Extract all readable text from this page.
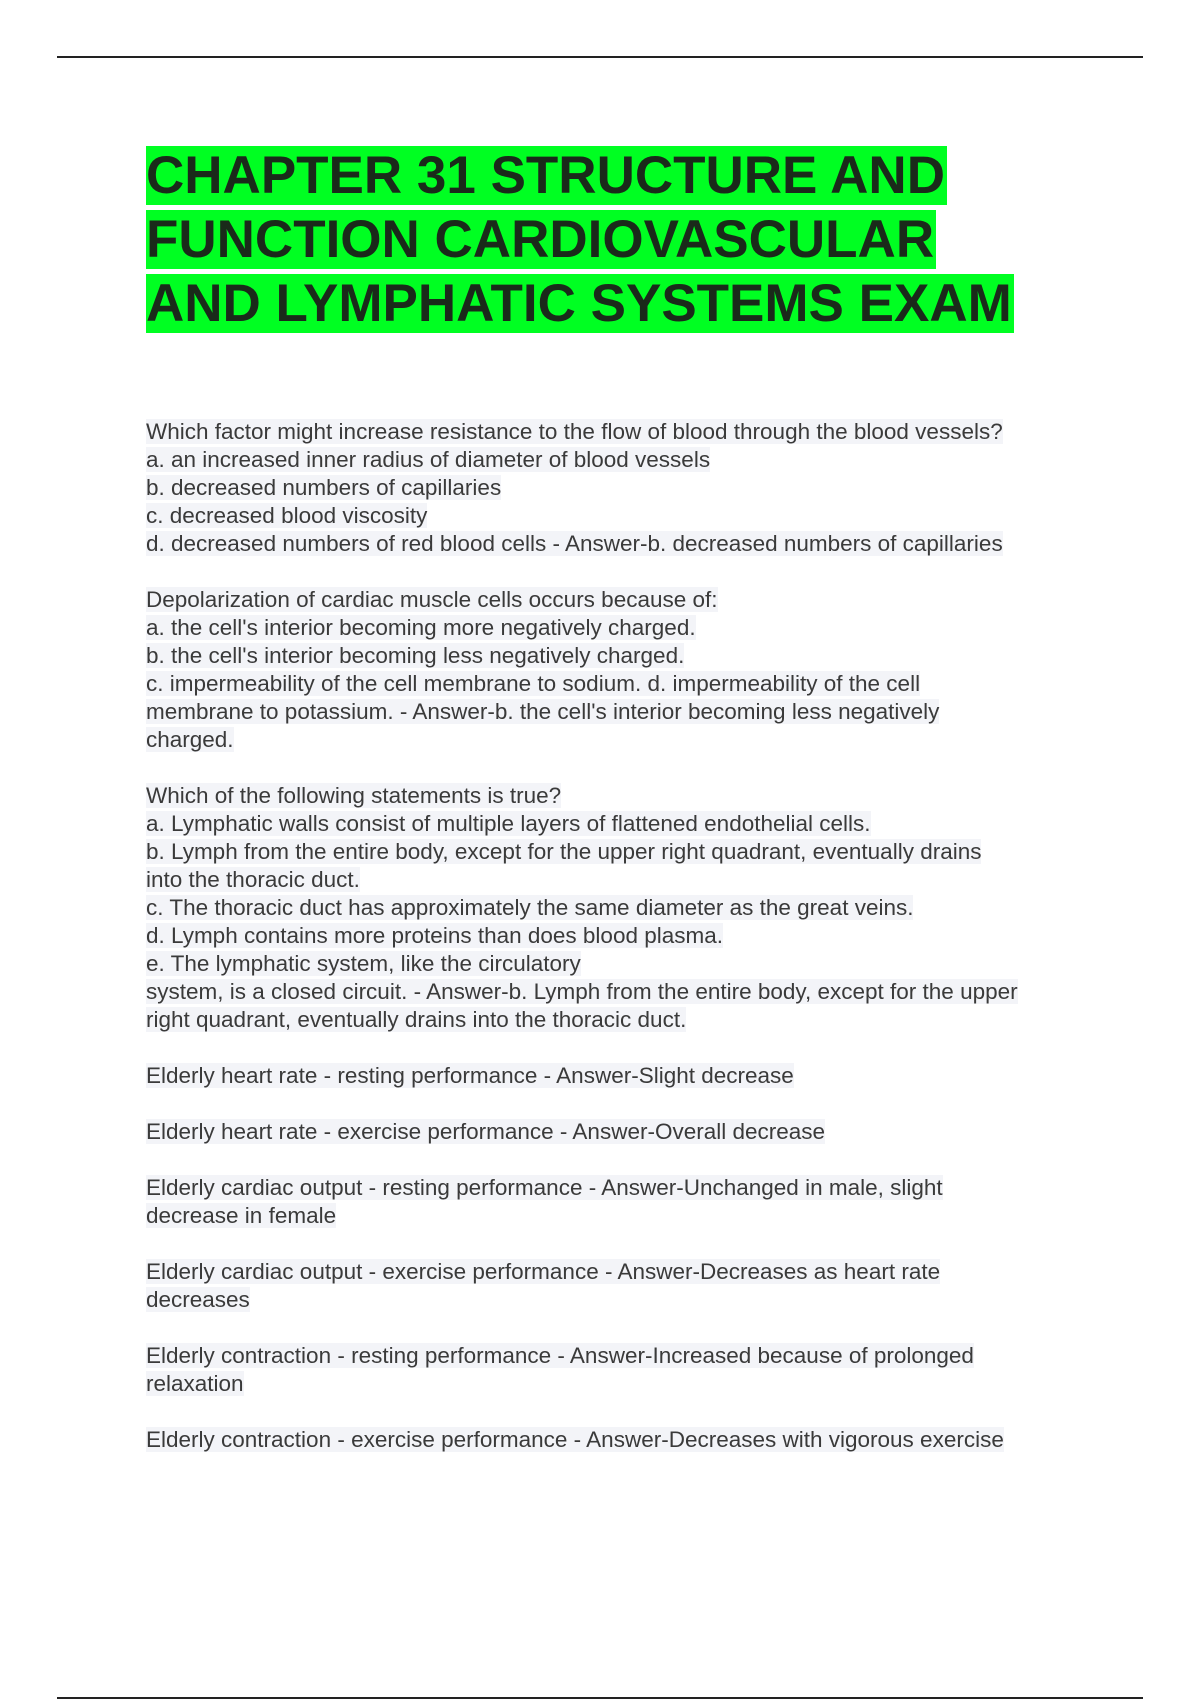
CHAPTER 31 STRUCTURE AND
FUNCTION CARDIOVASCULAR
AND LYMPHATIC SYSTEMS EXAM
Which factor might increase resistance to the flow of blood through the blood vessels?
a. an increased inner radius of diameter of blood vessels
b. decreased numbers of capillaries
c. decreased blood viscosity
d. decreased numbers of red blood cells - Answer-b. decreased numbers of capillaries
Depolarization of cardiac muscle cells occurs because of:
a. the cell's interior becoming more negatively charged.
b. the cell's interior becoming less negatively charged.
c. impermeability of the cell membrane to sodium. d. impermeability of the cell
membrane to potassium. - Answer-b. the cell's interior becoming less negatively
charged.
Which of the following statements is true?
a. Lymphatic walls consist of multiple layers of flattened endothelial cells.
b. Lymph from the entire body, except for the upper right quadrant, eventually drains
into the thoracic duct.
c. The thoracic duct has approximately the same diameter as the great veins.
d. Lymph contains more proteins than does blood plasma.
e. The lymphatic system, like the circulatory
system, is a closed circuit. - Answer-b. Lymph from the entire body, except for the upper
right quadrant, eventually drains into the thoracic duct.
Elderly heart rate - resting performance - Answer-Slight decrease
Elderly heart rate - exercise performance - Answer-Overall decrease
Elderly cardiac output - resting performance - Answer-Unchanged in male, slight
decrease in female
Elderly cardiac output - exercise performance - Answer-Decreases as heart rate
decreases
Elderly contraction - resting performance - Answer-Increased because of prolonged
relaxation
Elderly contraction - exercise performance - Answer-Decreases with vigorous exercise
